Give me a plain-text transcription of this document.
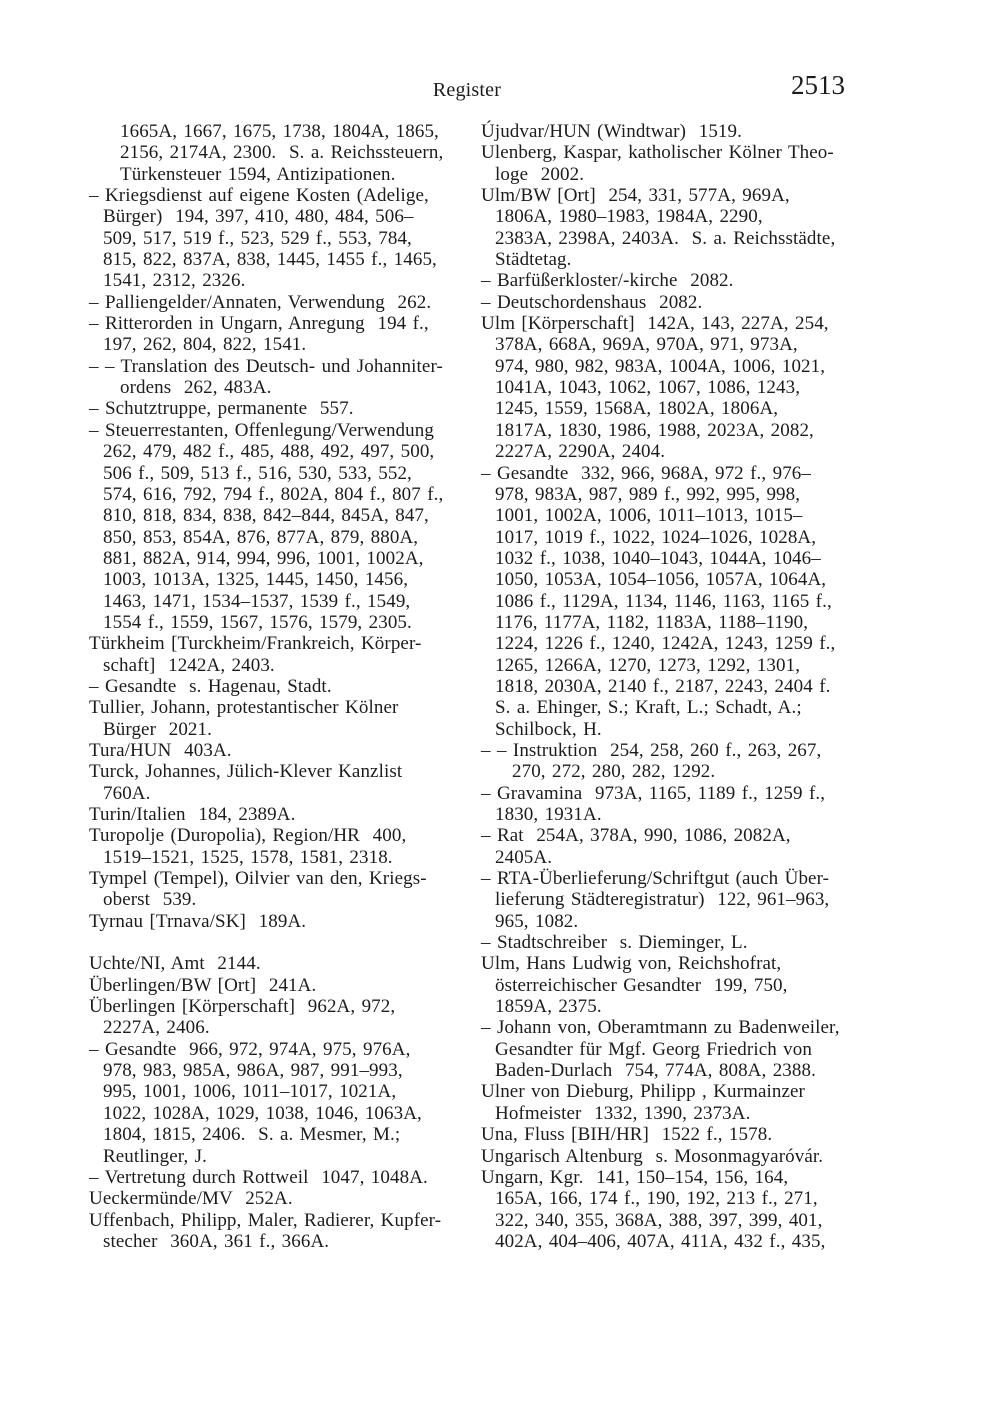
Register	2513
1665A, 1667, 1675, 1738, 1804A, 1865,
2156, 2174A, 2300.  S. a. Reichssteuern,
Türkensteuer 1594, Antizipationen.
– Kriegsdienst auf eigene Kosten (Adelige,
Bürger)  194, 397, 410, 480, 484, 506–
509, 517, 519 f., 523, 529 f., 553, 784,
815, 822, 837A, 838, 1445, 1455 f., 1465,
1541, 2312, 2326.
– Palliengelder/Annaten, Verwendung  262.
– Ritterorden in Ungarn, Anregung  194 f.,
197, 262, 804, 822, 1541.
– – Translation des Deutsch- und Johanniter-
ordens  262, 483A.
– Schutztruppe, permanente  557.
– Steuerrestanten, Offenlegung/Verwendung
262, 479, 482 f., 485, 488, 492, 497, 500,
506 f., 509, 513 f., 516, 530, 533, 552,
574, 616, 792, 794 f., 802A, 804 f., 807 f.,
810, 818, 834, 838, 842–844, 845A, 847,
850, 853, 854A, 876, 877A, 879, 880A,
881, 882A, 914, 994, 996, 1001, 1002A,
1003, 1013A, 1325, 1445, 1450, 1456,
1463, 1471, 1534–1537, 1539 f., 1549,
1554 f., 1559, 1567, 1576, 1579, 2305.
Türkheim [Turckheim/Frankreich, Körper-
schaft]  1242A, 2403.
– Gesandte  s. Hagenau, Stadt.
Tullier, Johann, protestantischer Kölner
Bürger  2021.
Tura/HUN  403A.
Turck, Johannes, Jülich-Klever Kanzlist
760A.
Turin/Italien  184, 2389A.
Turopolje (Duropolia), Region/HR  400,
1519–1521, 1525, 1578, 1581, 2318.
Tympel (Tempel), Oilvier van den, Kriegs-
oberst  539.
Tyrnau [Trnava/SK]  189A.

Uchte/NI, Amt  2144.
Überlingen/BW [Ort]  241A.
Überlingen [Körperschaft]  962A, 972,
2227A, 2406.
– Gesandte  966, 972, 974A, 975, 976A,
978, 983, 985A, 986A, 987, 991–993,
995, 1001, 1006, 1011–1017, 1021A,
1022, 1028A, 1029, 1038, 1046, 1063A,
1804, 1815, 2406.  S. a. Mesmer, M.;
Reutlinger, J.
– Vertretung durch Rottweil  1047, 1048A.
Ueckermünde/MV  252A.
Uffenbach, Philipp, Maler, Radierer, Kupfer-
stecher  360A, 361 f., 366A.
Újudvar/HUN (Windtwar)  1519.
Ulenberg, Kaspar, katholischer Kölner Theo-
loge  2002.
Ulm/BW [Ort]  254, 331, 577A, 969A,
1806A, 1980–1983, 1984A, 2290,
2383A, 2398A, 2403A.  S. a. Reichsstädte,
Städtetag.
– Barfüßerkloster/-kirche  2082.
– Deutschordenshaus  2082.
Ulm [Körperschaft]  142A, 143, 227A, 254,
378A, 668A, 969A, 970A, 971, 973A,
974, 980, 982, 983A, 1004A, 1006, 1021,
1041A, 1043, 1062, 1067, 1086, 1243,
1245, 1559, 1568A, 1802A, 1806A,
1817A, 1830, 1986, 1988, 2023A, 2082,
2227A, 2290A, 2404.
– Gesandte  332, 966, 968A, 972 f., 976–
978, 983A, 987, 989 f., 992, 995, 998,
1001, 1002A, 1006, 1011–1013, 1015–
1017, 1019 f., 1022, 1024–1026, 1028A,
1032 f., 1038, 1040–1043, 1044A, 1046–
1050, 1053A, 1054–1056, 1057A, 1064A,
1086 f., 1129A, 1134, 1146, 1163, 1165 f.,
1176, 1177A, 1182, 1183A, 1188–1190,
1224, 1226 f., 1240, 1242A, 1243, 1259 f.,
1265, 1266A, 1270, 1273, 1292, 1301,
1818, 2030A, 2140 f., 2187, 2243, 2404 f.
S. a. Ehinger, S.; Kraft, L.; Schadt, A.;
Schilbock, H.
– – Instruktion  254, 258, 260 f., 263, 267,
270, 272, 280, 282, 1292.
– Gravamina  973A, 1165, 1189 f., 1259 f.,
1830, 1931A.
– Rat  254A, 378A, 990, 1086, 2082A,
2405A.
– RTA-Überlieferung/Schriftgut (auch Über-
lieferung Städteregistratur)  122, 961–963,
965, 1082.
– Stadtschreiber  s. Dieminger, L.
Ulm, Hans Ludwig von, Reichshofrat,
österreichischer Gesandter  199, 750,
1859A, 2375.
– Johann von, Oberamtmann zu Badenweiler,
Gesandter für Mgf. Georg Friedrich von
Baden-Durlach  754, 774A, 808A, 2388.
Ulner von Dieburg, Philipp , Kurmainzer
Hofmeister  1332, 1390, 2373A.
Una, Fluss [BIH/HR]  1522 f., 1578.
Ungarisch Altenburg  s. Mosonmagyaróvár.
Ungarn, Kgr.  141, 150–154, 156, 164,
165A, 166, 174 f., 190, 192, 213 f., 271,
322, 340, 355, 368A, 388, 397, 399, 401,
402A, 404–406, 407A, 411A, 432 f., 435,
